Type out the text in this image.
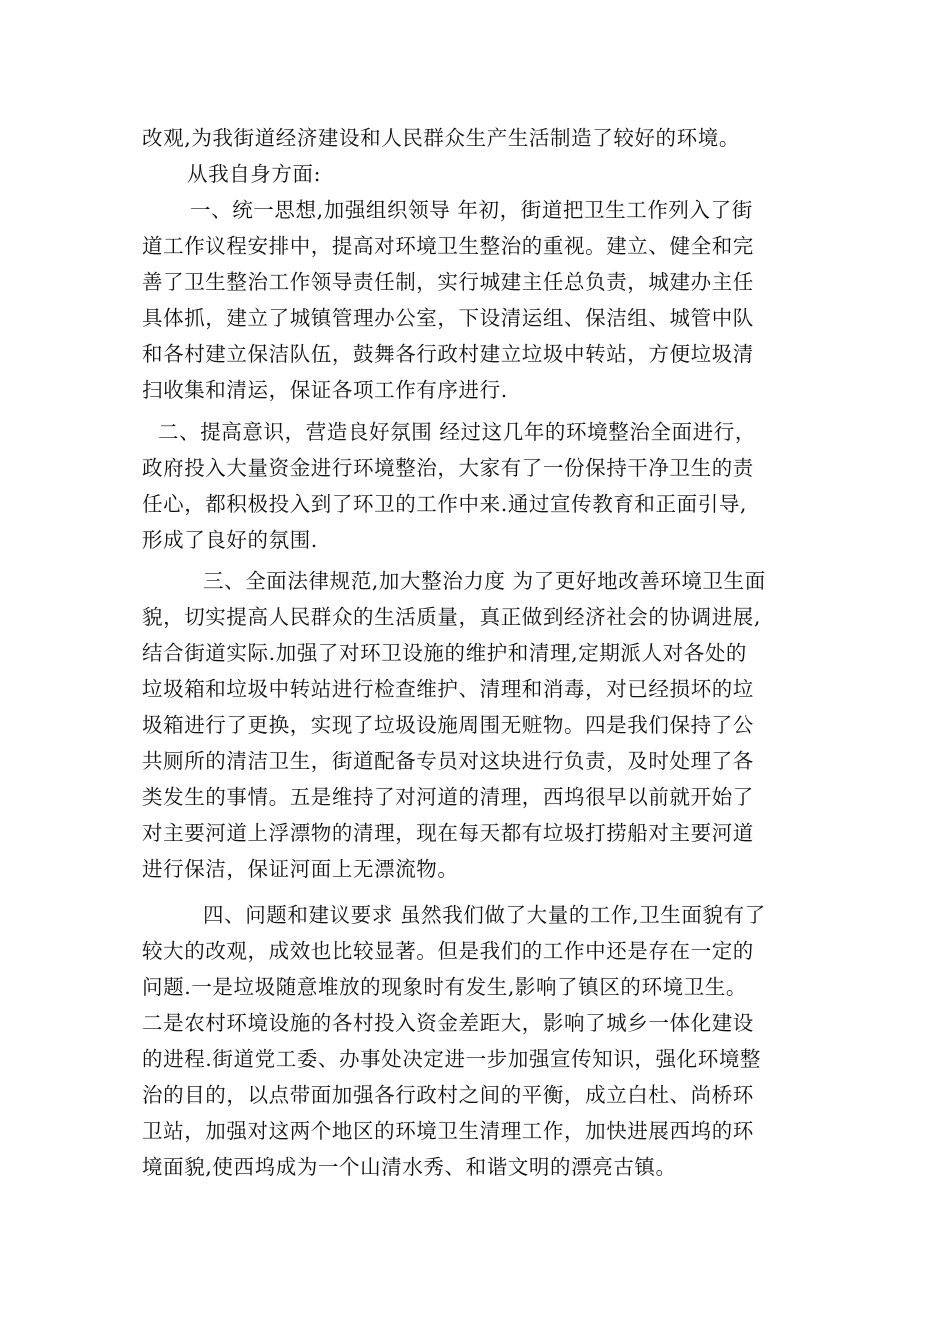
改观,为我街道经济建设和人民群众生产生活制造了较好的环境。
从我自身方面:
一、统一思想,加强组织领导 年初，街道把卫生工作列入了街
道工作议程安排中，提高对环境卫生整治的重视。建立、健全和完
善了卫生整治工作领导责任制，实行城建主任总负责，城建办主任
具体抓，建立了城镇管理办公室，下设清运组、保洁组、城管中队
和各村建立保洁队伍，鼓舞各行政村建立垃圾中转站，方便垃圾清
扫收集和清运，保证各项工作有序进行.
二、提高意识，营造良好氛围 经过这几年的环境整治全面进行，
政府投入大量资金进行环境整治，大家有了一份保持干净卫生的责
任心，都积极投入到了环卫的工作中来.通过宣传教育和正面引导,
形成了良好的氛围.
三、全面法律规范,加大整治力度 为了更好地改善环境卫生面
貌，切实提高人民群众的生活质量，真正做到经济社会的协调进展,
结合街道实际.加强了对环卫设施的维护和清理,定期派人对各处的
垃圾箱和垃圾中转站进行检查维护、清理和消毒，对已经损坏的垃
圾箱进行了更换，实现了垃圾设施周围无赃物。四是我们保持了公
共厕所的清洁卫生，街道配备专员对这块进行负责，及时处理了各
类发生的事情。五是维持了对河道的清理，西坞很早以前就开始了
对主要河道上浮漂物的清理，现在每天都有垃圾打捞船对主要河道
进行保洁，保证河面上无漂流物。
四、问题和建议要求 虽然我们做了大量的工作,卫生面貌有了
较大的改观，成效也比较显著。但是我们的工作中还是存在一定的
问题.一是垃圾随意堆放的现象时有发生,影响了镇区的环境卫生。
二是农村环境设施的各村投入资金差距大，影响了城乡一体化建设
的进程.街道党工委、办事处决定进一步加强宣传知识，强化环境整
治的目的，以点带面加强各行政村之间的平衡，成立白杜、尚桥环
卫站，加强对这两个地区的环境卫生清理工作，加快进展西坞的环
境面貌,使西坞成为一个山清水秀、和谐文明的漂亮古镇。
